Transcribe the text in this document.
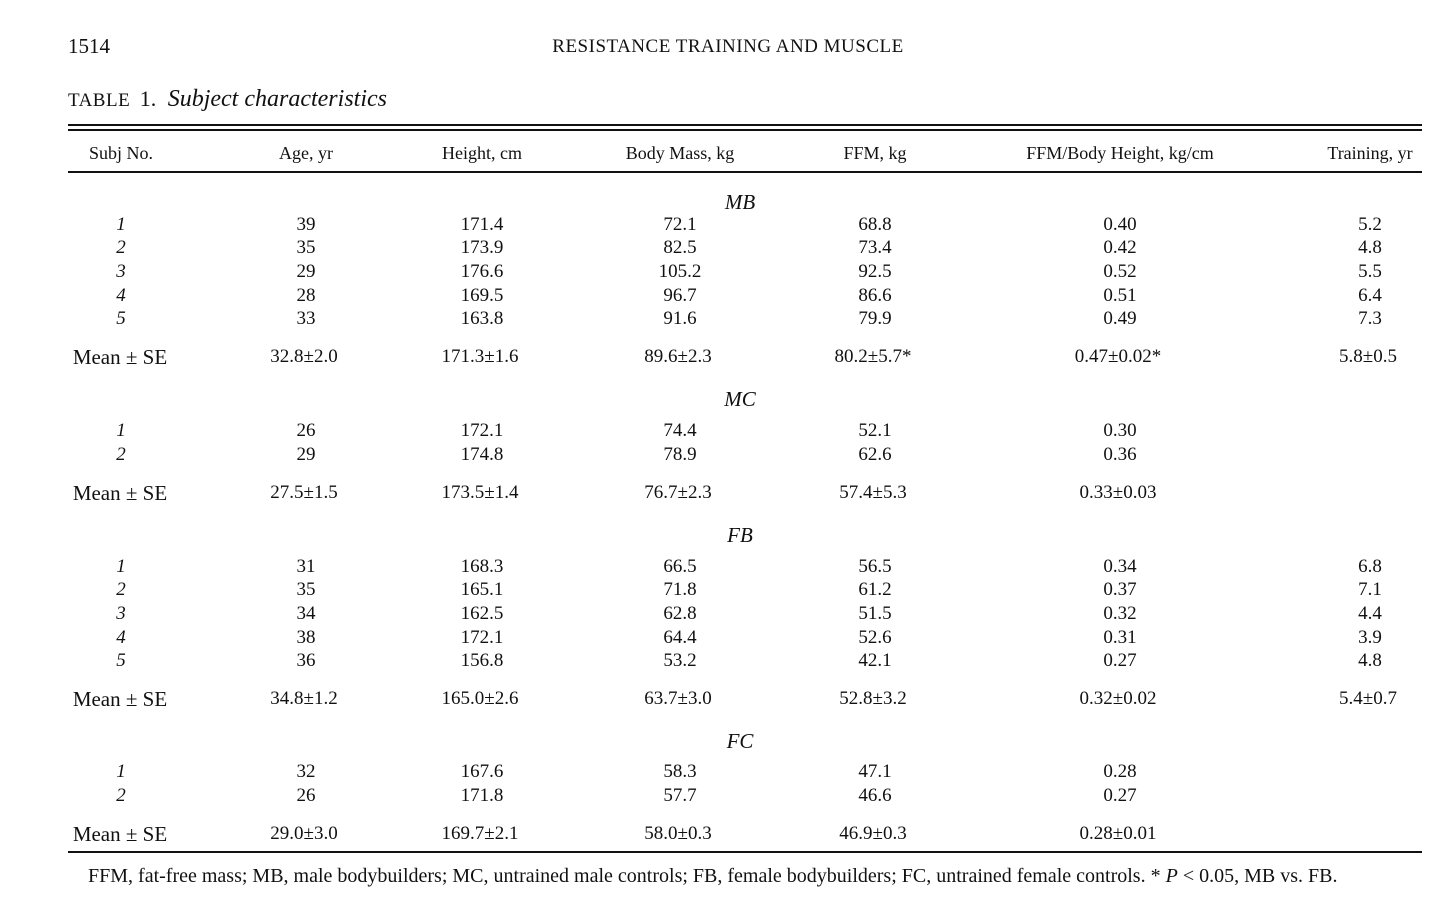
1514	RESISTANCE TRAINING AND MUSCLE
TABLE 1. Subject characteristics
Subj No.	Age, yr	Height, cm	Body Mass, kg	FFM, kg	FFM/Body Height, kg/cm	Training, yr
MB
1	39	171.4	72.1	68.8	0.40	5.2
2	35	173.9	82.5	73.4	0.42	4.8
3	29	176.6	105.2	92.5	0.52	5.5
4	28	169.5	96.7	86.6	0.51	6.4
5	33	163.8	91.6	79.9	0.49	7.3
Mean ± SE	32.8±2.0	171.3±1.6	89.6±2.3	80.2±5.7*	0.47±0.02*	5.8±0.5
MC
1	26	172.1	74.4	52.1	0.30
2	29	174.8	78.9	62.6	0.36
Mean ± SE	27.5±1.5	173.5±1.4	76.7±2.3	57.4±5.3	0.33±0.03
FB
1	31	168.3	66.5	56.5	0.34	6.8
2	35	165.1	71.8	61.2	0.37	7.1
3	34	162.5	62.8	51.5	0.32	4.4
4	38	172.1	64.4	52.6	0.31	3.9
5	36	156.8	53.2	42.1	0.27	4.8
Mean ± SE	34.8±1.2	165.0±2.6	63.7±3.0	52.8±3.2	0.32±0.02	5.4±0.7
FC
1	32	167.6	58.3	47.1	0.28
2	26	171.8	57.7	46.6	0.27
Mean ± SE	29.0±3.0	169.7±2.1	58.0±0.3	46.9±0.3	0.28±0.01
FFM, fat-free mass; MB, male bodybuilders; MC, untrained male controls; FB, female bodybuilders; FC, untrained female controls. * P < 0.05, MB vs. FB.
